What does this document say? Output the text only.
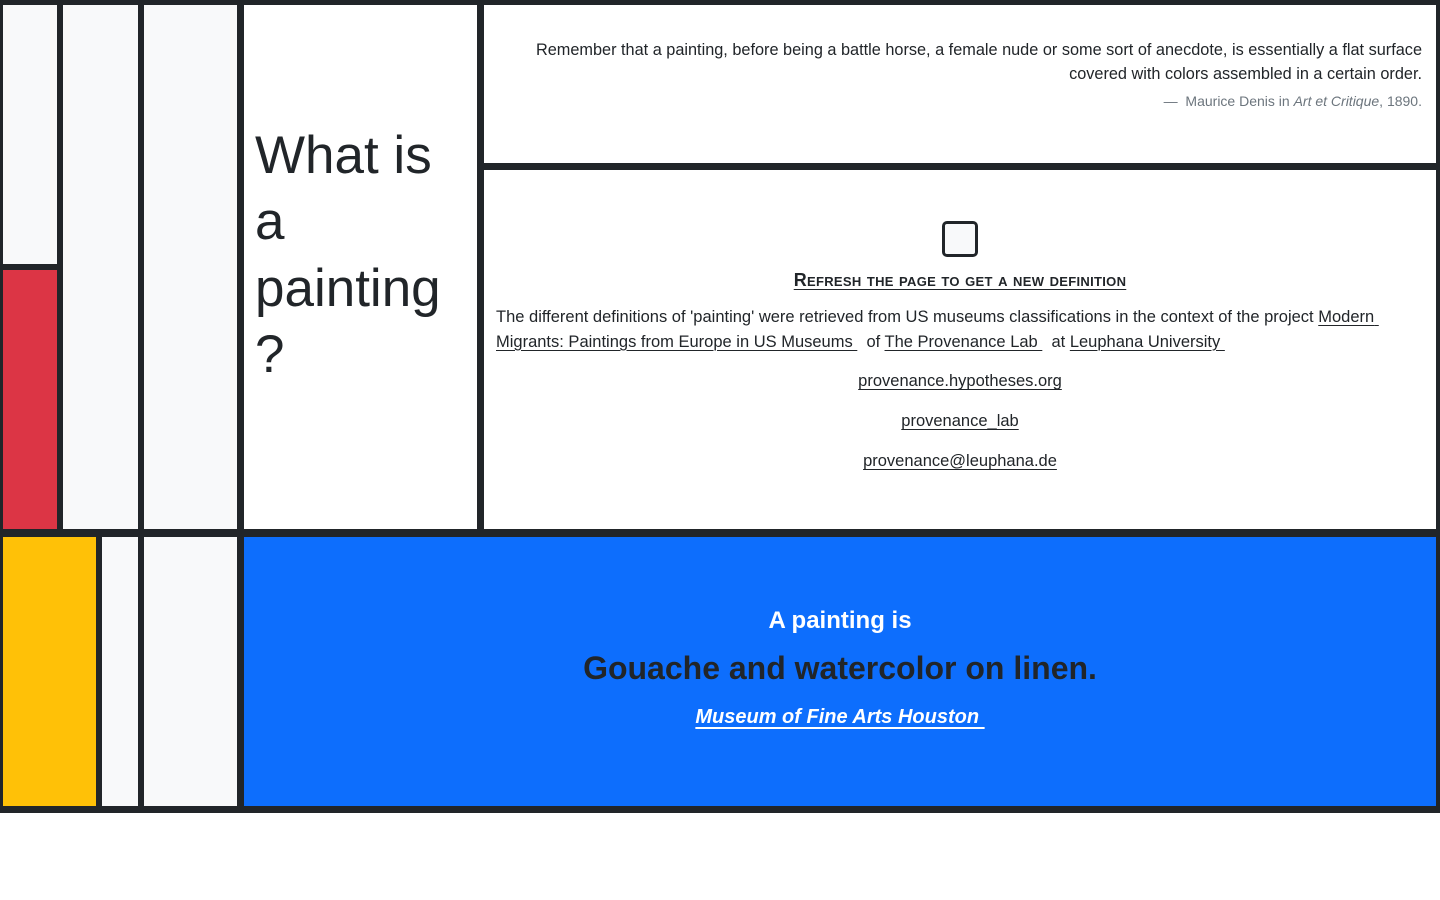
What is a painting ?
Remember that a painting, before being a battle horse, a female nude or some sort of anecdote, is essentially a flat surface covered with colors assembled in a certain order.
—  Maurice Denis in Art et Critique, 1890.
Refresh the page to get a new definition

The different definitions of 'painting' were retrieved from US museums classifications in the context of the project Modern Migrants: Paintings from Europe in US Museums   of The Provenance Lab   at Leuphana University

provenance.hypotheses.org

provenance_lab

provenance@leuphana.de

A painting is
Gouache and watercolor on linen.
Museum of Fine Arts Houston
